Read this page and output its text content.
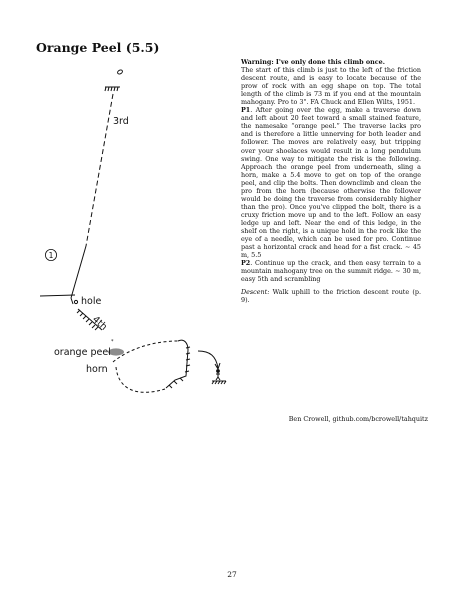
Orange Peel (5.5)
*
3rd
1
hole
4th
orange peel
horn

Warning: I've only done this climb once.

The start of this climb is just to the left of the friction descent route, and is easy to locate because of the prow of rock with an egg shape on top. The total length of the climb is 73 m if you end at the mountain mahogany. Pro to 3". FA Chuck and Ellen Wilts, 1951.

P1. After going over the egg, make a traverse down and left about 20 feet toward a small stained feature, the namesake “orange peel.” The traverse lacks pro and is therefore a little unnerving for both leader and follower. The moves are relatively easy, but tripping over your shoelaces would result in a long pendulum swing. One way to mitigate the risk is the following. Approach the orange peel from underneath, sling a horn, make a 5.4 move to get on top of the orange peel, and clip the bolts. Then downclimb and clean the pro from the horn (because otherwise the follower would be doing the traverse from considerably higher than the pro). Once you've clipped the bolt, there is a cruxy friction move up and to the left. Follow an easy ledge up and left. Near the end of this ledge, in the shelf on the right, is a unique hold in the rock like the eye of a needle, which can be used for pro. Continue past a horizontal crack and head for a fist crack. ∼ 45 m, 5.5

P2. Continue up the crack, and then easy terrain to a mountain mahogany tree on the summit ridge. ∼ 30 m, easy 5th and scrambling

Descent: Walk uphill to the friction descent route (p. 9).

Ben Crowell, github.com/bcrowell/tahquitz
27
